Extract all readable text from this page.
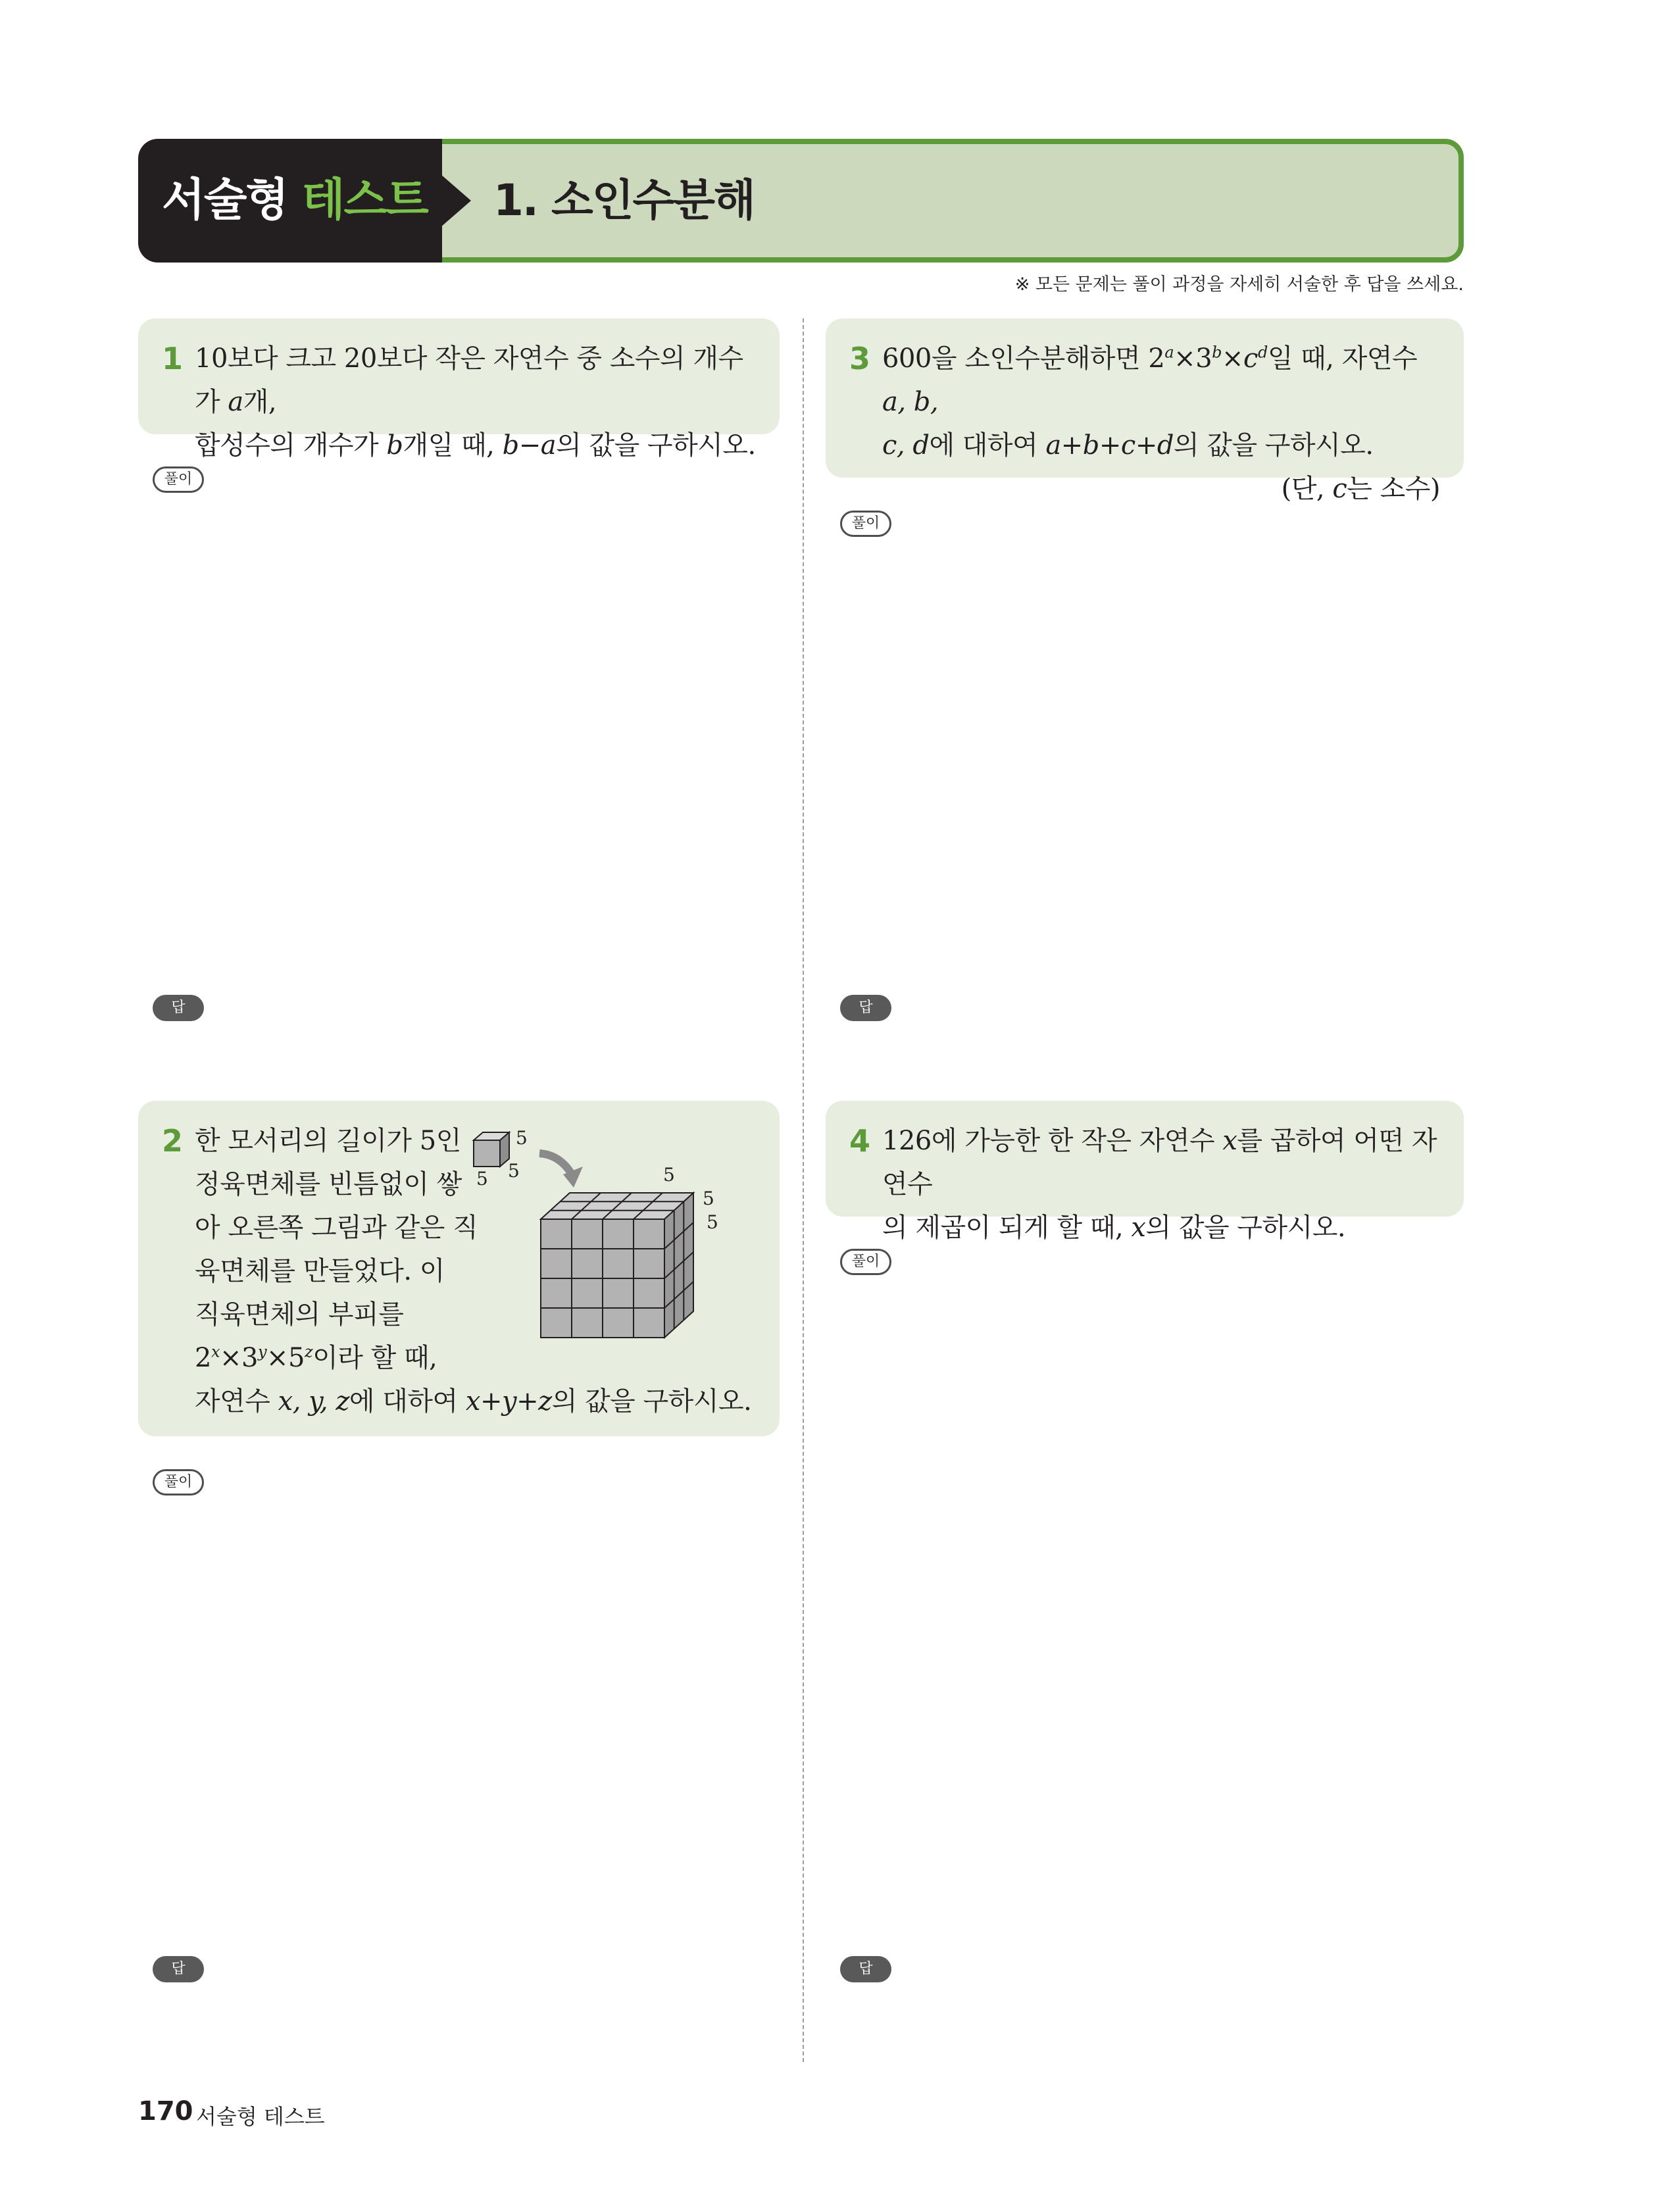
서술형 테스트 1. 소인수분해
※ 모든 문제는 풀이 과정을 자세히 서술한 후 답을 쓰세요.
1 10보다 크고 20보다 작은 자연수 중 소수의 개수가 a개,
합성수의 개수가 b개일 때, b−a의 값을 구하시오.
풀이
답
3 600을 소인수분해하면 $2^a\times 3^b\times c^d$일 때, 자연수 a, b,
c, d에 대하여 a+b+c+d의 값을 구하시오.
(단, c는 소수)
풀이
답
2 한 모서리의 길이가 5인
정육면체를 빈틈없이 쌓
아 오른쪽 그림과 같은 직
육면체를 만들었다. 이
직육면체의 부피를
$2^x\times 3^y\times 5^z$이라 할 때,
자연수 x, y, z에 대하여 x+y+z의 값을 구하시오.
5
5
5	5
5
5
풀이
답
4 126에 가능한 한 작은 자연수 x를 곱하여 어떤 자연수
의 제곱이 되게 할 때, x의 값을 구하시오.
풀이
답
170 서술형 테스트
